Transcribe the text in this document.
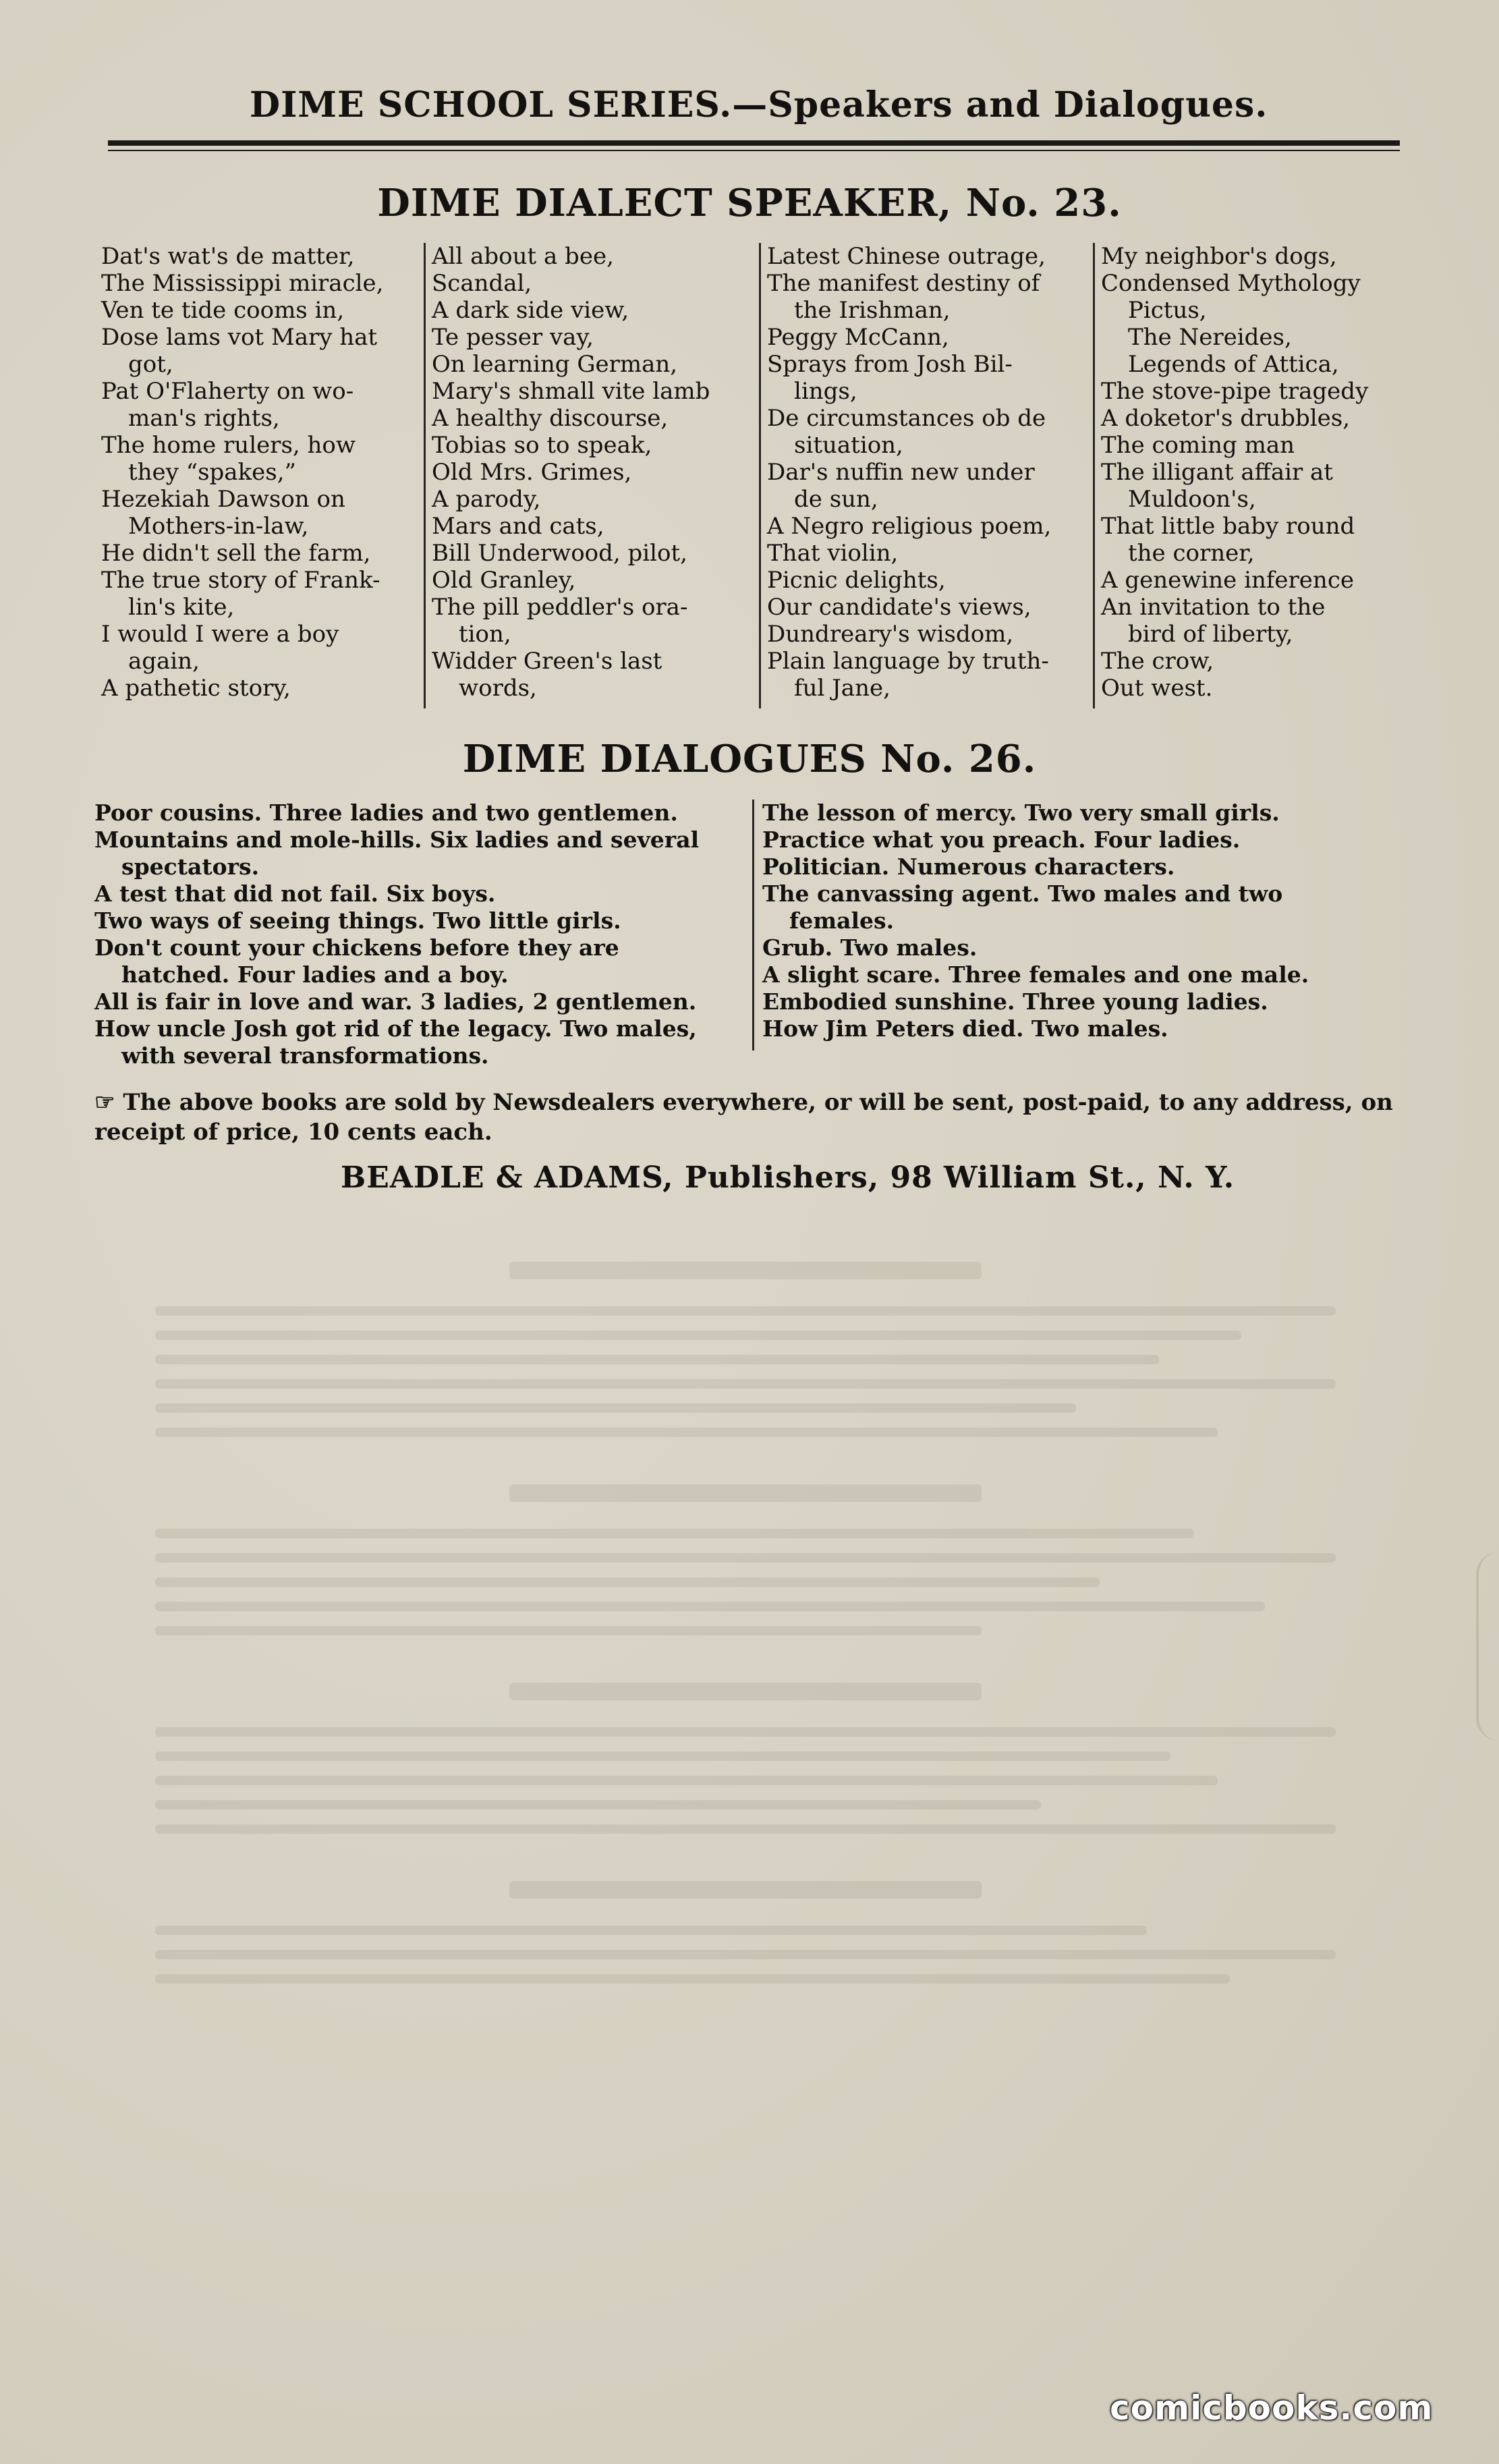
DIME SCHOOL SERIES.—Speakers and Dialogues.
DIME DIALECT SPEAKER, No. 23.
Dat's wat's de matter,
The Mississippi miracle,
Ven te tide cooms in,
Dose lams vot Mary hat
got,
Pat O'Flaherty on wo-
man's rights,
The home rulers, how
they “spakes,”
Hezekiah Dawson on
Mothers-in-law,
He didn't sell the farm,
The true story of Frank-
lin's kite,
I would I were a boy
again,
A pathetic story,
All about a bee,
Scandal,
A dark side view,
Te pesser vay,
On learning German,
Mary's shmall vite lamb
A healthy discourse,
Tobias so to speak,
Old Mrs. Grimes,
A parody,
Mars and cats,
Bill Underwood, pilot,
Old Granley,
The pill peddler's ora-
tion,
Widder Green's last
words,
Latest Chinese outrage,
The manifest destiny of
the Irishman,
Peggy McCann,
Sprays from Josh Bil-
lings,
De circumstances ob de
situation,
Dar's nuffin new under
de sun,
A Negro religious poem,
That violin,
Picnic delights,
Our candidate's views,
Dundreary's wisdom,
Plain language by truth-
ful Jane,
My neighbor's dogs,
Condensed Mythology
Pictus,
The Nereides,
Legends of Attica,
The stove-pipe tragedy
A doketor's drubbles,
The coming man
The illigant affair at
Muldoon's,
That little baby round
the corner,
A genewine inference
An invitation to the
bird of liberty,
The crow,
Out west.
DIME DIALOGUES No. 26.
Poor cousins. Three ladies and two gentlemen.
Mountains and mole-hills. Six ladies and several
spectators.
A test that did not fail. Six boys.
Two ways of seeing things. Two little girls.
Don't count your chickens before they are
hatched. Four ladies and a boy.
All is fair in love and war. 3 ladies, 2 gentlemen.
How uncle Josh got rid of the legacy. Two males,
with several transformations.
The lesson of mercy. Two very small girls.
Practice what you preach. Four ladies.
Politician. Numerous characters.
The canvassing agent. Two males and two
females.
Grub. Two males.
A slight scare. Three females and one male.
Embodied sunshine. Three young ladies.
How Jim Peters died. Two males.
☞ The above books are sold by Newsdealers everywhere, or will be sent, post-paid, to any address, on receipt of price, 10 cents each.
BEADLE & ADAMS, Publishers, 98 William St., N. Y.
comicbooks.com
